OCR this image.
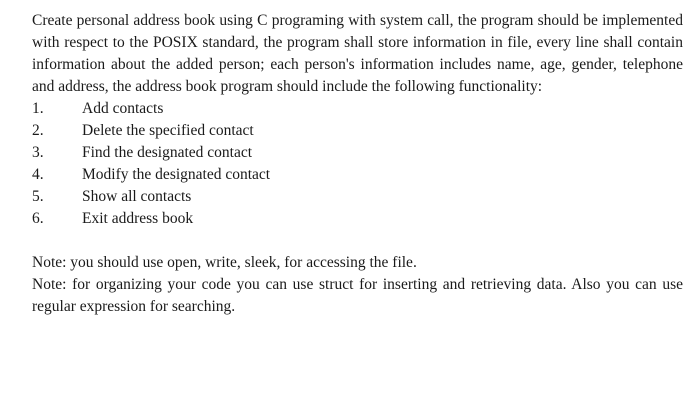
Create personal address book using C programing with system call, the program should be implemented with respect to the POSIX standard, the program shall store information in file, every line shall contain information about the added person; each person's information includes name, age, gender, telephone and address, the address book program should include the following functionality:

1.	Add contacts
2.	Delete the specified contact
3.	Find the designated contact
4.	Modify the designated contact
5.	Show all contacts
6.	Exit address book

Note: you should use open, write, sleek, for accessing the file.

Note: for organizing your code you can use struct for inserting and retrieving data. Also you can use regular expression for searching.
